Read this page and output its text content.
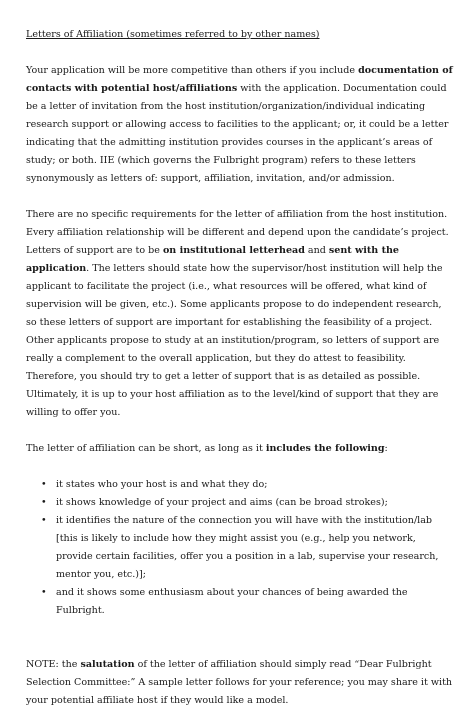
Letters of Affiliation (sometimes referred to by other names)

Your application will be more competitive than others if you include documentation of contacts with potential host/affiliations with the application. Documentation could be a letter of invitation from the host institution/organization/individual indicating research support or allowing access to facilities to the applicant; or, it could be a letter indicating that the admitting institution provides courses in the applicant’s areas of study; or both. IIE (which governs the Fulbright program) refers to these letters synonymously as letters of: support, affiliation, invitation, and/or admission.

There are no specific requirements for the letter of affiliation from the host institution. Every affiliation relationship will be different and depend upon the candidate’s project. Letters of support are to be on institutional letterhead and sent with the application. The letters should state how the supervisor/host institution will help the applicant to facilitate the project (i.e., what resources will be offered, what kind of supervision will be given, etc.). Some applicants propose to do independent research, so these letters of support are important for establishing the feasibility of a project. Other applicants propose to study at an institution/program, so letters of support are really a complement to the overall application, but they do attest to feasibility. Therefore, you should try to get a letter of support that is as detailed as possible. Ultimately, it is up to your host affiliation as to the level/kind of support that they are willing to offer you.

The letter of affiliation can be short, as long as it includes the following:

• it states who your host is and what they do;
• it shows knowledge of your project and aims (can be broad strokes);
• it identifies the nature of the connection you will have with the institution/lab [this is likely to include how they might assist you (e.g., help you network, provide certain facilities, offer you a position in a lab, supervise your research, mentor you, etc.)];
• and it shows some enthusiasm about your chances of being awarded the Fulbright.

NOTE: the salutation of the letter of affiliation should simply read “Dear Fulbright Selection Committee:” A sample letter follows for your reference; you may share it with your potential affiliate host if they would like a model.
